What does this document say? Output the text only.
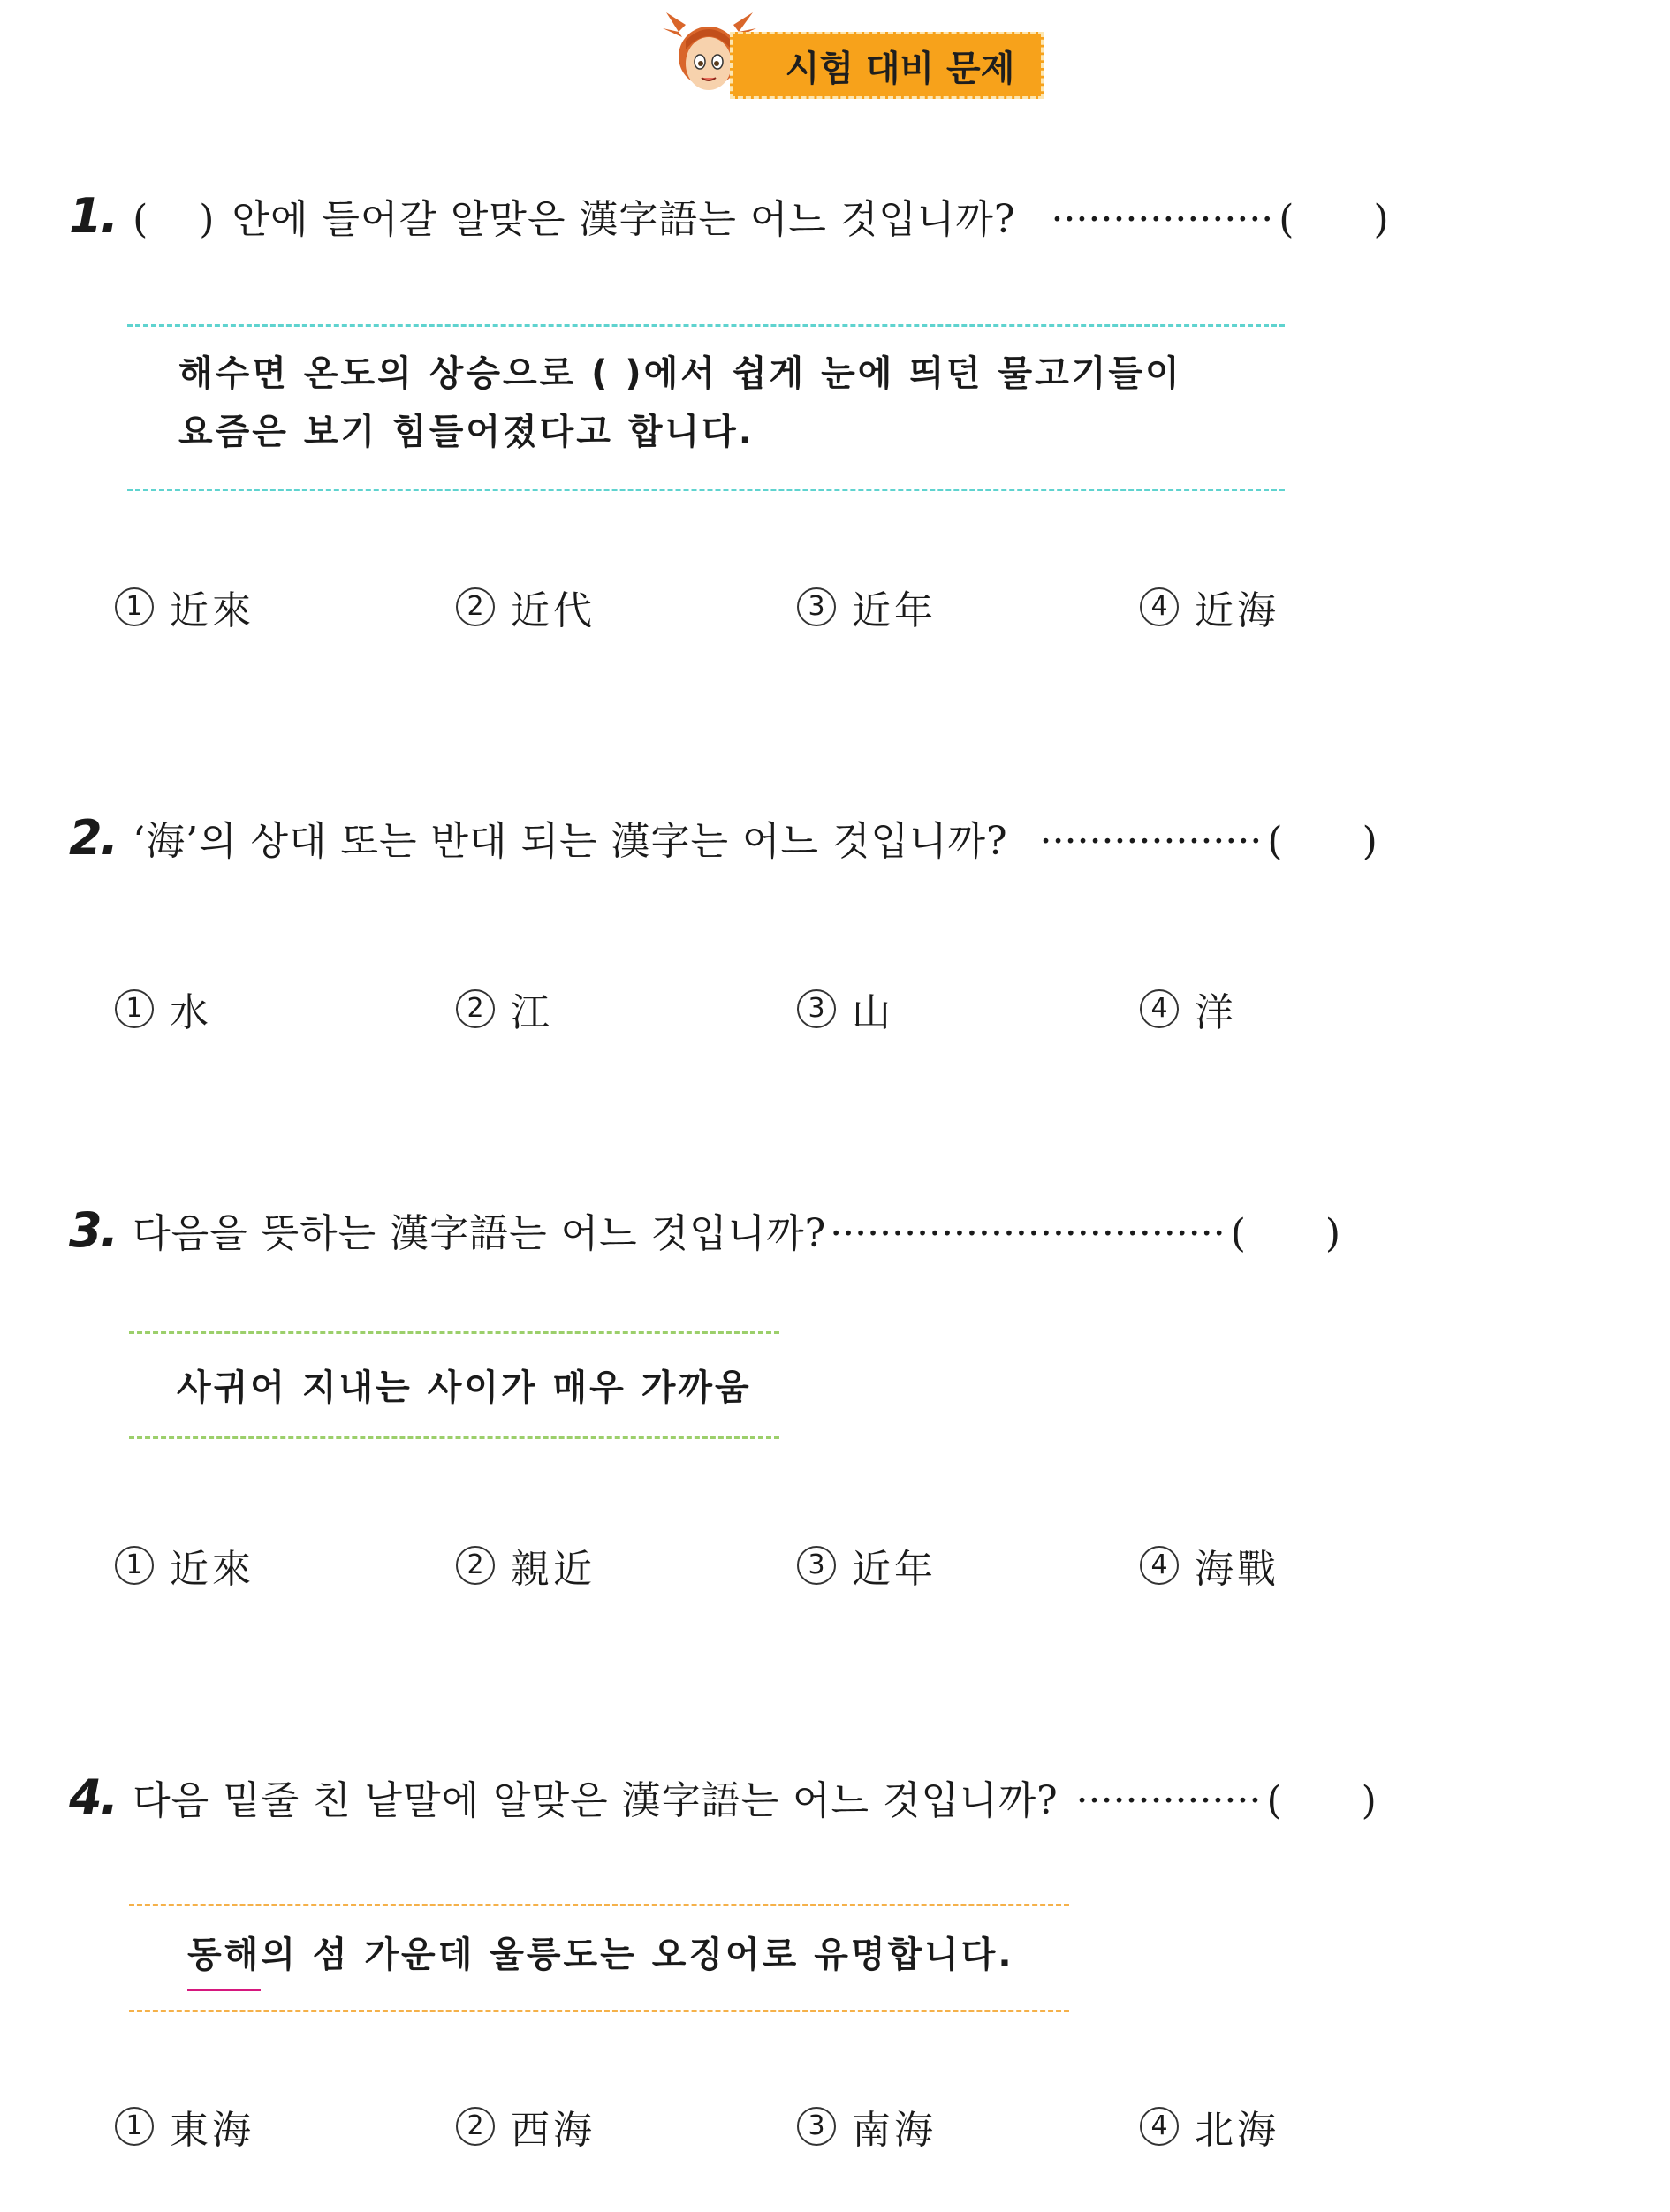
시험 대비 문제
1. ( ) 안에 들어갈 알맞은 漢字語는 어느 것입니까? ·················· ( )
해수면 온도의 상승으로 ( )에서 쉽게 눈에 띄던 물고기들이
요즘은 보기 힘들어졌다고 합니다.
1 近來	2 近代	3 近年	4 近海
2. ‘海’의 상대 또는 반대 되는 漢字는 어느 것입니까? ·················· ( )
1 水	2 江	3 山	4 洋
3. 다음을 뜻하는 漢字語는 어느 것입니까? ································ ( )
사귀어 지내는 사이가 매우 가까움
1 近來	2 親近	3 近年	4 海戰
4. 다음 밑줄 친 낱말에 알맞은 漢字語는 어느 것입니까? ··············· ( )
동해의 섬 가운데 울릉도는 오징어로 유명합니다.
1 東海	2 西海	3 南海	4 北海
